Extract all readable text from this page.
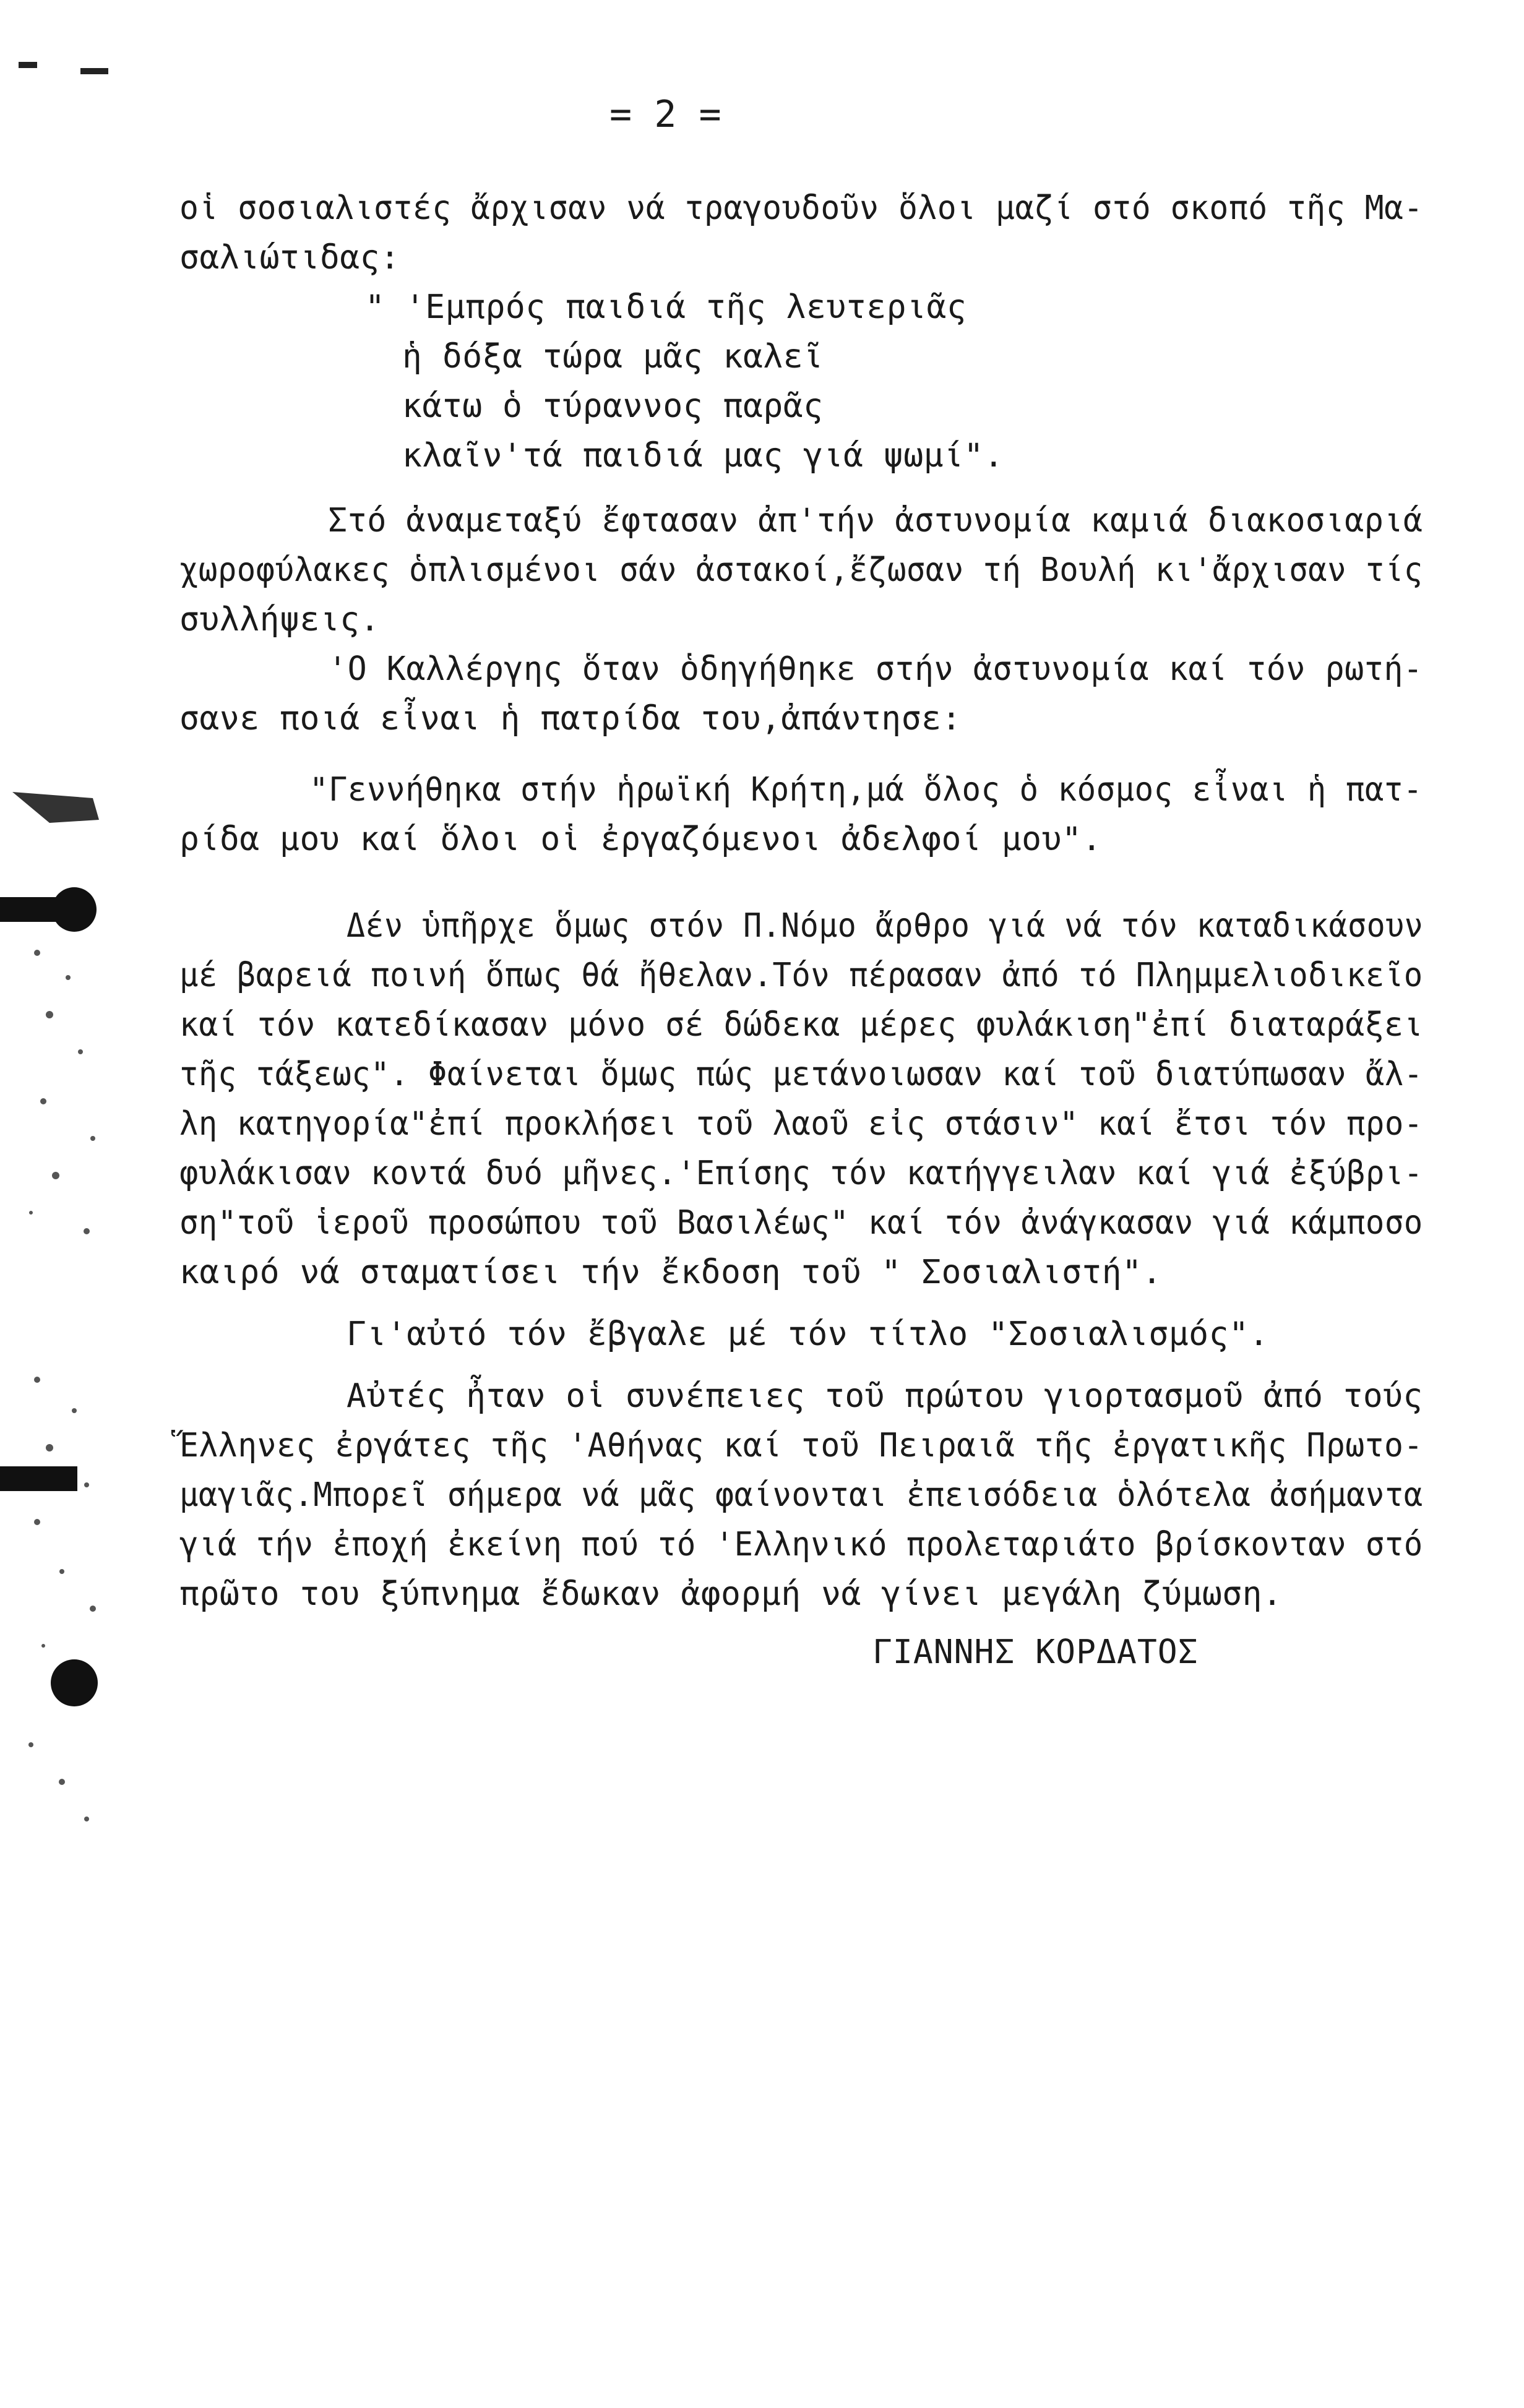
= 2 =
οἱ σοσιαλιστές ἄρχισαν νά τραγουδοῦν ὅλοι μαζί στό σκοπό τῆς Μα-
σαλιώτιδας:
" 'Εμπρός παιδιά τῆς λευτεριᾶς
ἡ δόξα τώρα μᾶς καλεῖ
κάτω ὁ τύραννος παρᾶς
κλαῖν'τά παιδιά μας γιά ψωμί".
Στό ἀναμεταξύ ἔφτασαν ἀπ'τήν ἀστυνομία καμιά διακοσιαριά
χωροφύλακες ὁπλισμένοι σάν ἀστακοί,ἔζωσαν τή Βουλή κι'ἄρχισαν τίς
συλλήψεις.
'Ο Καλλέργης ὅταν ὁδηγήθηκε στήν ἀστυνομία καί τόν ρωτή-
σανε ποιά εἶναι ἡ πατρίδα του,ἀπάντησε:
"Γεννήθηκα στήν ἡρωϊκή Κρήτη,μά ὅλος ὁ κόσμος εἶναι ἡ πατ-
ρίδα μου καί ὅλοι οἱ ἐργαζόμενοι ἀδελφοί μου".
Δέν ὑπῆρχε ὅμως στόν Π.Νόμο ἄρθρο γιά νά τόν καταδικάσουν
μέ βαρειά ποινή ὅπως θά ἤθελαν.Τόν πέρασαν ἀπό τό Πλημμελιοδικεῖο
καί τόν κατεδίκασαν μόνο σέ δώδεκα μέρες φυλάκιση"ἐπί διαταράξει
τῆς τάξεως". Φαίνεται ὅμως πώς μετάνοιωσαν καί τοῦ διατύπωσαν ἄλ-
λη κατηγορία"ἐπί προκλήσει τοῦ λαοῦ εἰς στάσιν" καί ἔτσι τόν προ-
φυλάκισαν κοντά δυό μῆνες.'Επίσης τόν κατήγγειλαν καί γιά ἐξύβρι-
ση"τοῦ ἱεροῦ προσώπου τοῦ Βασιλέως" καί τόν ἀνάγκασαν γιά κάμποσο
καιρό νά σταματίσει τήν ἔκδοση τοῦ " Σοσιαλιστή".
Γι'αὐτό τόν ἔβγαλε μέ τόν τίτλο "Σοσιαλισμός".
Αὐτές ἦταν οἱ συνέπειες τοῦ πρώτου γιορτασμοῦ ἀπό τούς
Ἕλληνες ἐργάτες τῆς 'Αθήνας καί τοῦ Πειραιᾶ τῆς ἐργατικῆς Πρωτο-
μαγιᾶς.Μπορεῖ σήμερα νά μᾶς φαίνονται ἐπεισόδεια ὁλότελα ἀσήμαντα
γιά τήν ἐποχή ἐκείνη πού τό 'Ελληνικό προλεταριάτο βρίσκονταν στό
πρῶτο του ξύπνημα ἔδωκαν ἀφορμή νά γίνει μεγάλη ζύμωση.
ΓΙΑΝΝΗΣ ΚΟΡΔΑΤΟΣ
